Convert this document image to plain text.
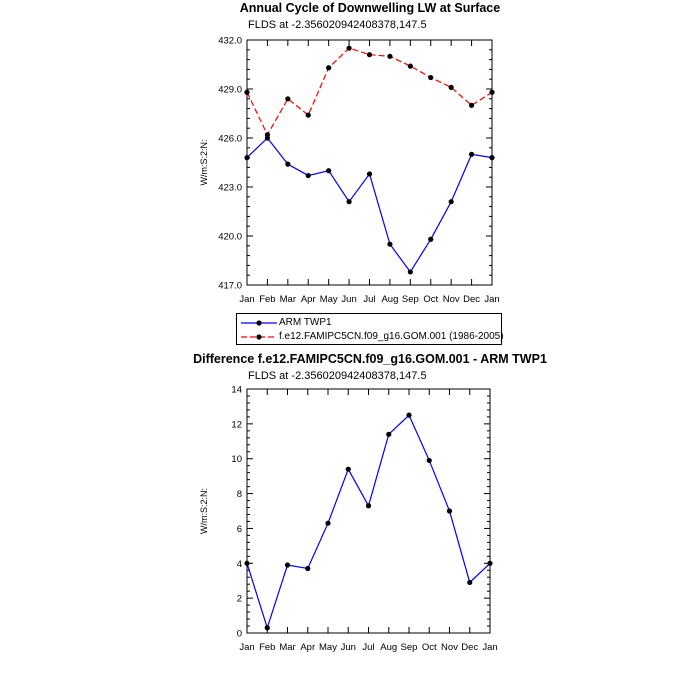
Annual Cycle of Downwelling LW at Surface
FLDS at -2.356020942408378,147.5
417.0
420.0
423.0
426.0
429.0
432.0
Jan Feb Mar Apr May Jun Jul Aug Sep Oct Nov Dec Jan
W/m:S:2:N:
ARM TWP1
f.e12.FAMIPC5CN.f09_g16.GOM.001 (1986-2005)
Difference f.e12.FAMIPC5CN.f09_g16.GOM.001 - ARM TWP1
FLDS at -2.356020942408378,147.5
0
2
4
6
8
10
12
14
Jan Feb Mar Apr May Jun Jul Aug Sep Oct Nov Dec Jan
W/m:S:2:N:
